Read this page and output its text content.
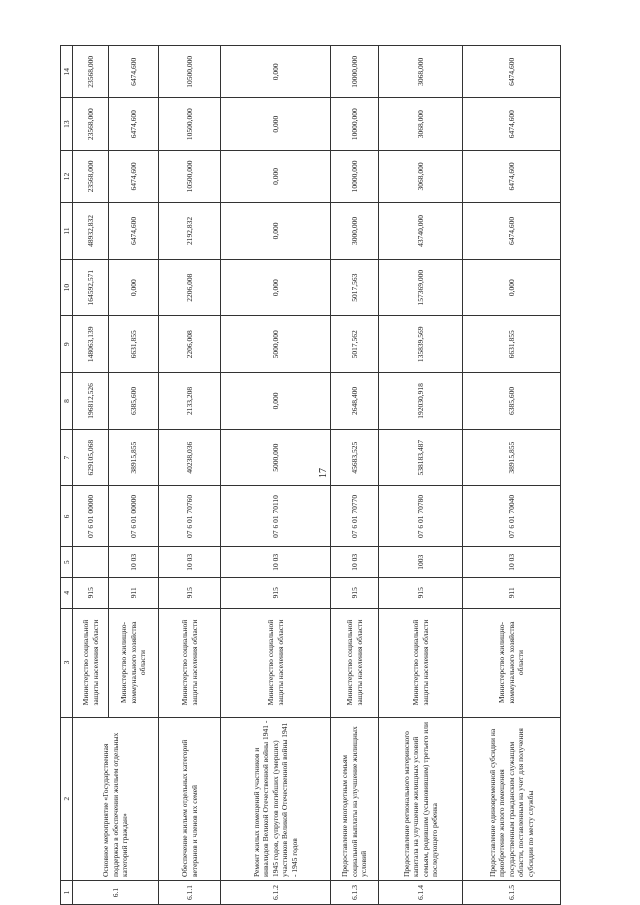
17
1	2	3	4	5	6	7	8	9	10	11	12	13	14
6.1	Основное мероприятие «Государственная поддержка в обеспечении жильем отдельных категорий граждан»	Министерство социальной защиты населения области	915		07 6 01 00000	629105,068	196812,526	148063,139	164592,571	48932,832	23568,000	23568,000	23568,000
		Министерство жилищно-коммунального хозяйства области	911	10 03	07 6 01 00000	38915,855	6385,600	6631,855	0,000	6474,600	6474,600	6474,600	6474,600
6.1.1	Обеспечение жильем отдельных категорий ветеранов и членов их семей	Министерство социальной защиты населения области	915	10 03	07 6 01 70760	40238,036	2133,208	2206,008	2206,008	2192,832	10500,000	10500,000	10500,000
6.1.2	Ремонт жилых помещений участников и инвалидов Великой Отечественной войны 1941 - 1945 годов, супругов погибших (умерших) участников Великой Отечественной войны 1941 - 1945 годов	Министерство социальной защиты населения области	915	10 03	07 6 01 70110	5000,000	0,000	5000,000	0,000	0,000	0,000	0,000	0,000
6.1.3	Предоставление многодетным семьям социальной выплаты на улучшение жилищных условий	Министерство социальной защиты населения области	915	10 03	07 6 01 70770	45683,525	2648,400	5017,562	5017,563	3000,000	10000,000	10000,000	10000,000
6.1.4	Предоставление регионального материнского капитала на улучшение жилищных условий семьям, родившим (усыновившим) третьего или последующего ребенка	Министерство социальной защиты населения области	915	1003	07 6 01 70780	538183,487	192030,918	135839,569	157369,000	43740,000	3068,000	3068,000	3068,000
6.1.5	Предоставление единовременной субсидии на приобретение жилого помещения государственным гражданским служащим области, поставленным на учет для получения субсидии по месту службы	Министерство жилищно-коммунального хозяйства области	911	10 03	07 6 01 70040	38915,855	6385,600	6631,855	0,000	6474,600	6474,600	6474,600	6474,600
